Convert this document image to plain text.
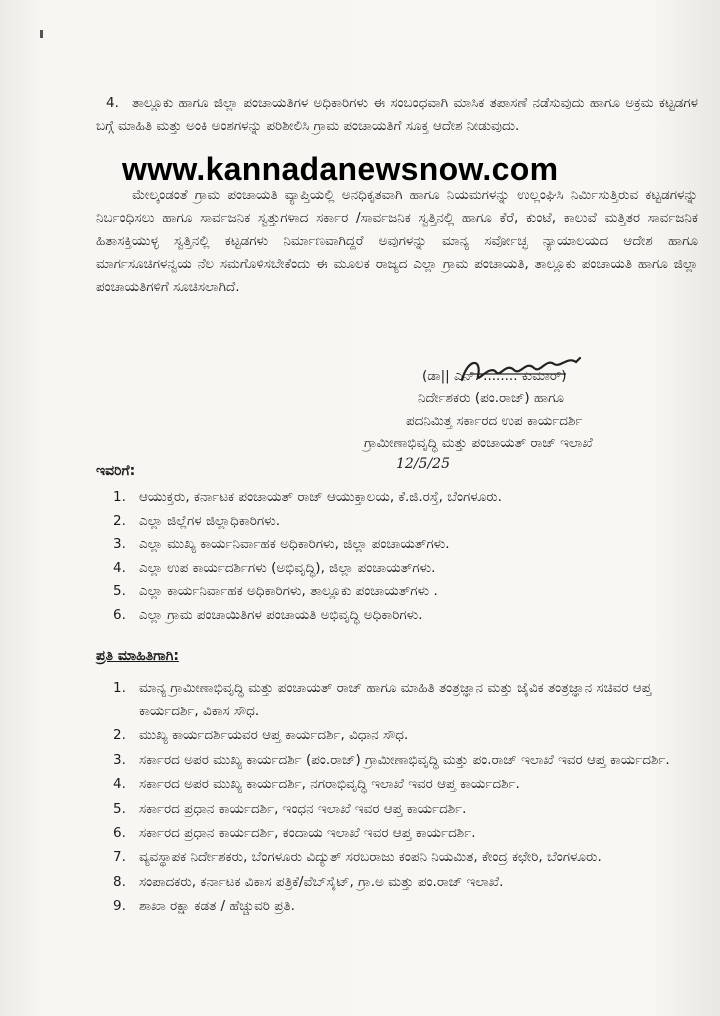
4. ತಾಲ್ಲೂಕು ಹಾಗೂ ಜಿಲ್ಲಾ ಪಂಚಾಯತಿಗಳ ಅಧಿಕಾರಿಗಳು ಈ ಸಂಬಂಧವಾಗಿ ಮಾಸಿಕ ತಪಾಸಣೆ ನಡೆಸುವುದು ಹಾಗೂ ಅಕ್ರಮ ಕಟ್ಟಡಗಳ ಬಗ್ಗೆ ಮಾಹಿತಿ ಮತ್ತು ಅಂಕಿ ಅಂಶಗಳನ್ನು ಪರಿಶೀಲಿಸಿ ಗ್ರಾಮ ಪಂಚಾಯತಿಗೆ ಸೂಕ್ತ ಆದೇಶ ನೀಡುವುದು.
www.kannadanewsnow.com
ಮೇಲ್ಕಂಡಂತೆ ಗ್ರಾಮ ಪಂಚಾಯತಿ ವ್ಯಾಪ್ತಿಯಲ್ಲಿ ಅನಧಿಕೃತವಾಗಿ ಹಾಗೂ ನಿಯಮಗಳನ್ನು ಉಲ್ಲಂಘಿಸಿ ನಿರ್ಮಿಸುತ್ತಿರುವ ಕಟ್ಟಡಗಳನ್ನು ನಿರ್ಬಂಧಿಸಲು ಹಾಗೂ ಸಾರ್ವಜನಿಕ ಸ್ವತ್ತುಗಳಾದ ಸರ್ಕಾರ /ಸಾರ್ವಜನಿಕ ಸ್ವತ್ತಿನಲ್ಲಿ ಹಾಗೂ ಕೆರೆ, ಕುಂಟೆ, ಕಾಲುವೆ ಮತ್ತಿತರ ಸಾರ್ವಜನಿಕ ಹಿತಾಸಕ್ತಿಯುಳ್ಳ ಸ್ವತ್ತಿನಲ್ಲಿ ಕಟ್ಟಡಗಳು ನಿರ್ಮಾಣವಾಗಿದ್ದರೆ ಅವುಗಳನ್ನು ಮಾನ್ಯ ಸರ್ವೋಚ್ಛ ನ್ಯಾಯಾಲಯದ ಆದೇಶ ಹಾಗೂ ಮಾರ್ಗಸೂಚಿಗಳನ್ವಯ ನೆಲ ಸಮಗೊಳಿಸಬೇಕೆಂದು ಈ ಮೂಲಕ ರಾಜ್ಯದ ಎಲ್ಲಾ ಗ್ರಾಮ ಪಂಚಾಯತಿ, ತಾಲ್ಲೂಕು ಪಂಚಾಯತಿ ಹಾಗೂ ಜಿಲ್ಲಾ ಪಂಚಾಯತಿಗಳಿಗೆ ಸೂಚಿಸಲಾಗಿದೆ.
(ಡಾ|| ಎನ್. ........ ಕುಮಾರ್)
ನಿರ್ದೇಶಕರು (ಪಂ.ರಾಜ್) ಹಾಗೂ
ಪದನಿಮಿತ್ತ ಸರ್ಕಾರದ ಉಪ ಕಾರ್ಯದರ್ಶಿ
ಗ್ರಾಮೀಣಾಭಿವೃದ್ಧಿ ಮತ್ತು ಪಂಚಾಯತ್ ರಾಜ್ ಇಲಾಖೆ
12/5/25
ಇವರಿಗೆ:
1. ಆಯುಕ್ತರು, ಕರ್ನಾಟಕ ಪಂಚಾಯತ್ ರಾಜ್ ಆಯುಕ್ತಾಲಯ, ಕೆ.ಜಿ.ರಸ್ತೆ, ಬೆಂಗಳೂರು.
2. ಎಲ್ಲಾ ಜಿಲ್ಲೆಗಳ ಜಿಲ್ಲಾಧಿಕಾರಿಗಳು.
3. ಎಲ್ಲಾ ಮುಖ್ಯ ಕಾರ್ಯನಿರ್ವಾಹಕ ಅಧಿಕಾರಿಗಳು, ಜಿಲ್ಲಾ ಪಂಚಾಯತ್‌ಗಳು.
4. ಎಲ್ಲಾ ಉಪ ಕಾರ್ಯದರ್ಶಿಗಳು (ಅಭಿವೃದ್ಧಿ), ಜಿಲ್ಲಾ ಪಂಚಾಯತ್‌ಗಳು.
5. ಎಲ್ಲಾ ಕಾರ್ಯನಿರ್ವಾಹಕ ಅಧಿಕಾರಿಗಳು, ತಾಲ್ಲೂಕು ಪಂಚಾಯತ್‌ಗಳು .
6. ಎಲ್ಲಾ ಗ್ರಾಮ ಪಂಚಾಯಿತಿಗಳ ಪಂಚಾಯತಿ ಅಭಿವೃದ್ಧಿ ಅಧಿಕಾರಿಗಳು.
ಪ್ರತಿ ಮಾಹಿತಿಗಾಗಿ:
1. ಮಾನ್ಯ ಗ್ರಾಮೀಣಾಭಿವೃದ್ಧಿ ಮತ್ತು ಪಂಚಾಯತ್ ರಾಜ್ ಹಾಗೂ ಮಾಹಿತಿ ತಂತ್ರಜ್ಞಾನ ಮತ್ತು ಜೈವಿಕ ತಂತ್ರಜ್ಞಾನ ಸಚಿವರ ಆಪ್ತ ಕಾರ್ಯದರ್ಶಿ, ವಿಕಾಸ ಸೌಧ.
2. ಮುಖ್ಯ ಕಾರ್ಯದರ್ಶಿಯವರ ಆಪ್ತ ಕಾರ್ಯದರ್ಶಿ, ವಿಧಾನ ಸೌಧ.
3. ಸರ್ಕಾರದ ಅಪರ ಮುಖ್ಯ ಕಾರ್ಯದರ್ಶಿ (ಪಂ.ರಾಜ್) ಗ್ರಾಮೀಣಾಭಿವೃದ್ಧಿ ಮತ್ತು ಪಂ.ರಾಜ್ ಇಲಾಖೆ ಇವರ ಆಪ್ತ ಕಾರ್ಯದರ್ಶಿ.
4. ಸರ್ಕಾರದ ಅಪರ ಮುಖ್ಯ ಕಾರ್ಯದರ್ಶಿ, ನಗರಾಭಿವೃದ್ಧಿ ಇಲಾಖೆ ಇವರ ಆಪ್ತ ಕಾರ್ಯದರ್ಶಿ.
5. ಸರ್ಕಾರದ ಪ್ರಧಾನ ಕಾರ್ಯದರ್ಶಿ, ಇಂಧನ ಇಲಾಖೆ ಇವರ ಆಪ್ತ ಕಾರ್ಯದರ್ಶಿ.
6. ಸರ್ಕಾರದ ಪ್ರಧಾನ ಕಾರ್ಯದರ್ಶಿ, ಕಂದಾಯ ಇಲಾಖೆ ಇವರ ಆಪ್ತ ಕಾರ್ಯದರ್ಶಿ.
7. ವ್ಯವಸ್ಥಾಪಕ ನಿರ್ದೇಶಕರು, ಬೆಂಗಳೂರು ವಿದ್ಯುತ್ ಸರಬರಾಜು ಕಂಪನಿ ನಿಯಮಿತ, ಕೇಂದ್ರ ಕಛೇರಿ, ಬೆಂಗಳೂರು.
8. ಸಂಪಾದಕರು, ಕರ್ನಾಟಕ ವಿಕಾಸ ಪತ್ರಿಕೆ/ವೆಬ್‌ಸೈಟ್, ಗ್ರಾ.ಅ ಮತ್ತು ಪಂ.ರಾಜ್ ಇಲಾಖೆ.
9. ಶಾಖಾ ರಕ್ಷಾ ಕಡತ / ಹೆಚ್ಚುವರಿ ಪ್ರತಿ.
